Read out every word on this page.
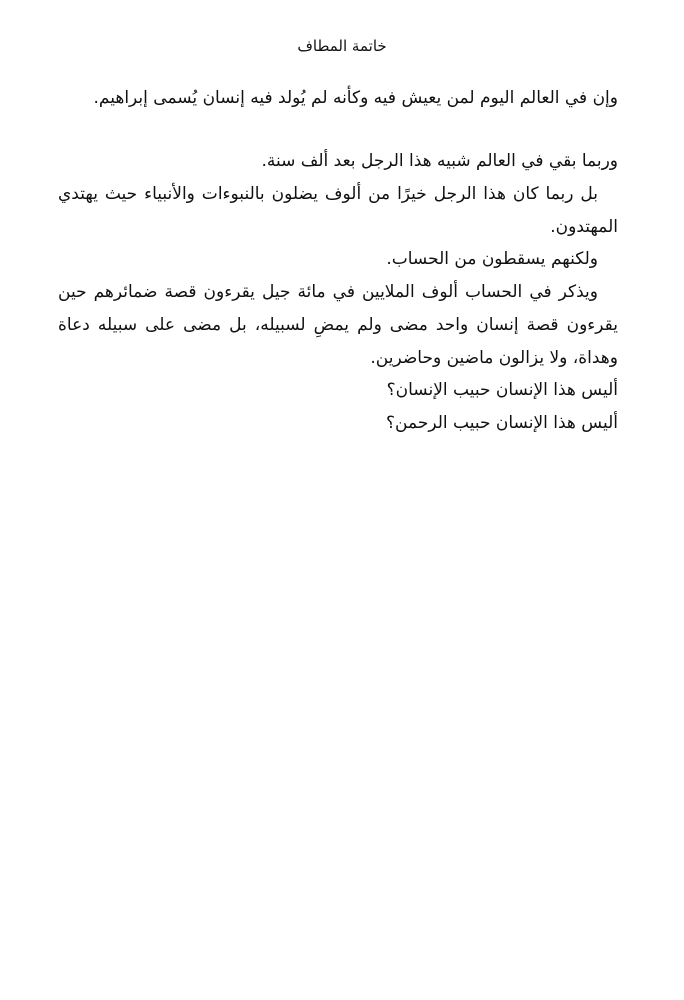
خاتمة المطاف

وإن في العالم اليوم لمن يعيش فيه وكأنه لم يُولد فيه إنسان يُسمى إبراهيم.

وربما بقي في العالم شبيه هذا الرجل بعد ألف سنة.

بل ربما كان هذا الرجل خيرًا من ألوف يضلون بالنبوءات والأنبياء حيث يهتدي المهتدون.

ولكنهم يسقطون من الحساب.

ويذكر في الحساب ألوف الملايين في مائة جيل يقرءون قصة ضمائرهم حين يقرءون قصة إنسان واحد مضى ولم يمضِ لسبيله، بل مضى على سبيله دعاة وهداة، ولا يزالون ماضين وحاضرين.

أليس هذا الإنسان حبيب الإنسان؟

أليس هذا الإنسان حبيب الرحمن؟
